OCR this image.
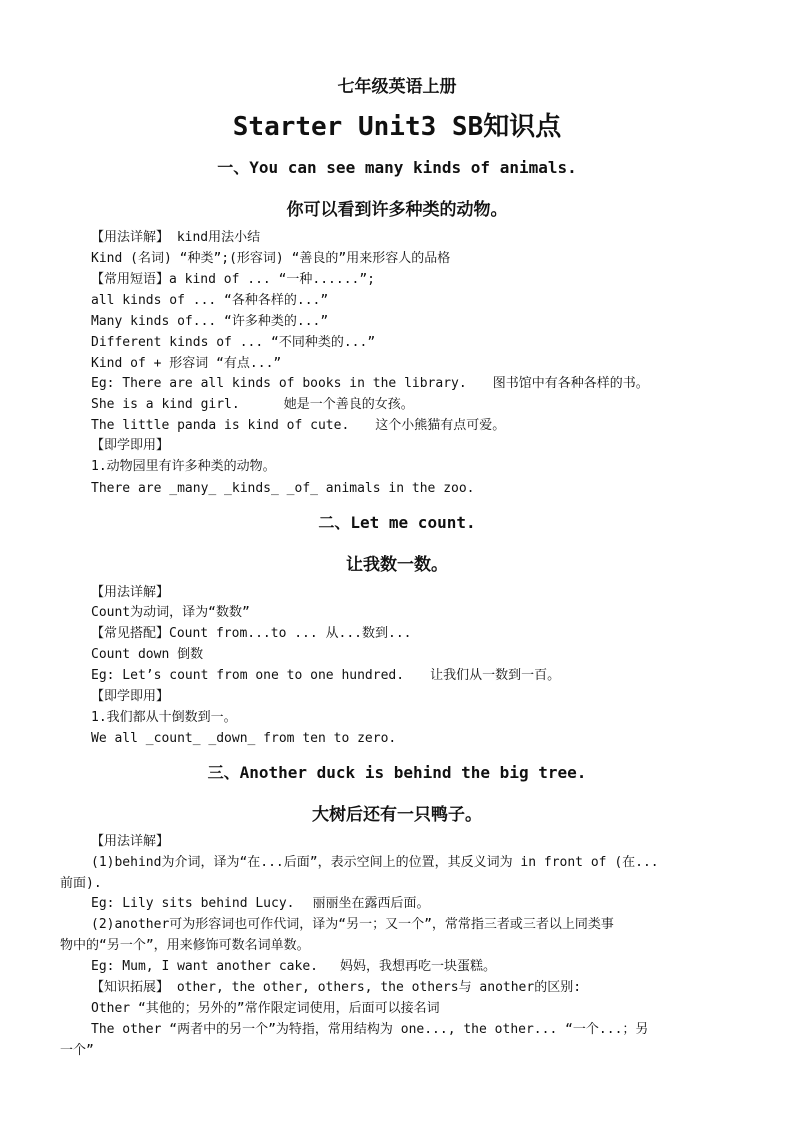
七年级英语上册
Starter Unit3 SB知识点
一、You can see many kinds of animals.
你可以看到许多种类的动物。
【用法详解】 kind用法小结
Kind (名词) “种类”;(形容词) “善良的”用来形容人的品格
【常用短语】a kind of ... “一种......”;
all kinds of ... “各种各样的...”
Many kinds of... “许多种类的...”
Different kinds of ... “不同种类的...”
Kind of + 形容词 “有点...”
Eg: There are all kinds of books in the library. 图书馆中有各种各样的书。
She is a kind girl.	她是一个善良的女孩。
The little panda is kind of cute. 这个小熊猫有点可爱。
【即学即用】
1.动物园里有许多种类的动物。
There are _many_ _kinds_ _of_ animals in the zoo.
二、Let me count.
让我数一数。
【用法详解】
Count为动词，译为“数数”
【常见搭配】Count from...to ... 从...数到...
Count down 倒数
Eg: Let’s count from one to one hundred. 让我们从一数到一百。
【即学即用】
1.我们都从十倒数到一。
We all _count_ _down_ from ten to zero.
三、Another duck is behind the big tree.
大树后还有一只鸭子。
【用法详解】
(1)behind为介词，译为“在...后面”，表示空间上的位置，其反义词为 in front of (在...
前面).
Eg: Lily sits behind Lucy. 丽丽坐在露西后面。
(2)another可为形容词也可作代词，译为“另一；又一个”，常常指三者或三者以上同类事
物中的“另一个”，用来修饰可数名词单数。
Eg: Mum, I want another cake. 妈妈，我想再吃一块蛋糕。
【知识拓展】 other, the other, others, the others与 another的区别:
Other “其他的；另外的”常作限定词使用，后面可以接名词
The other “两者中的另一个”为特指，常用结构为 one..., the other... “一个...；另
一个”
